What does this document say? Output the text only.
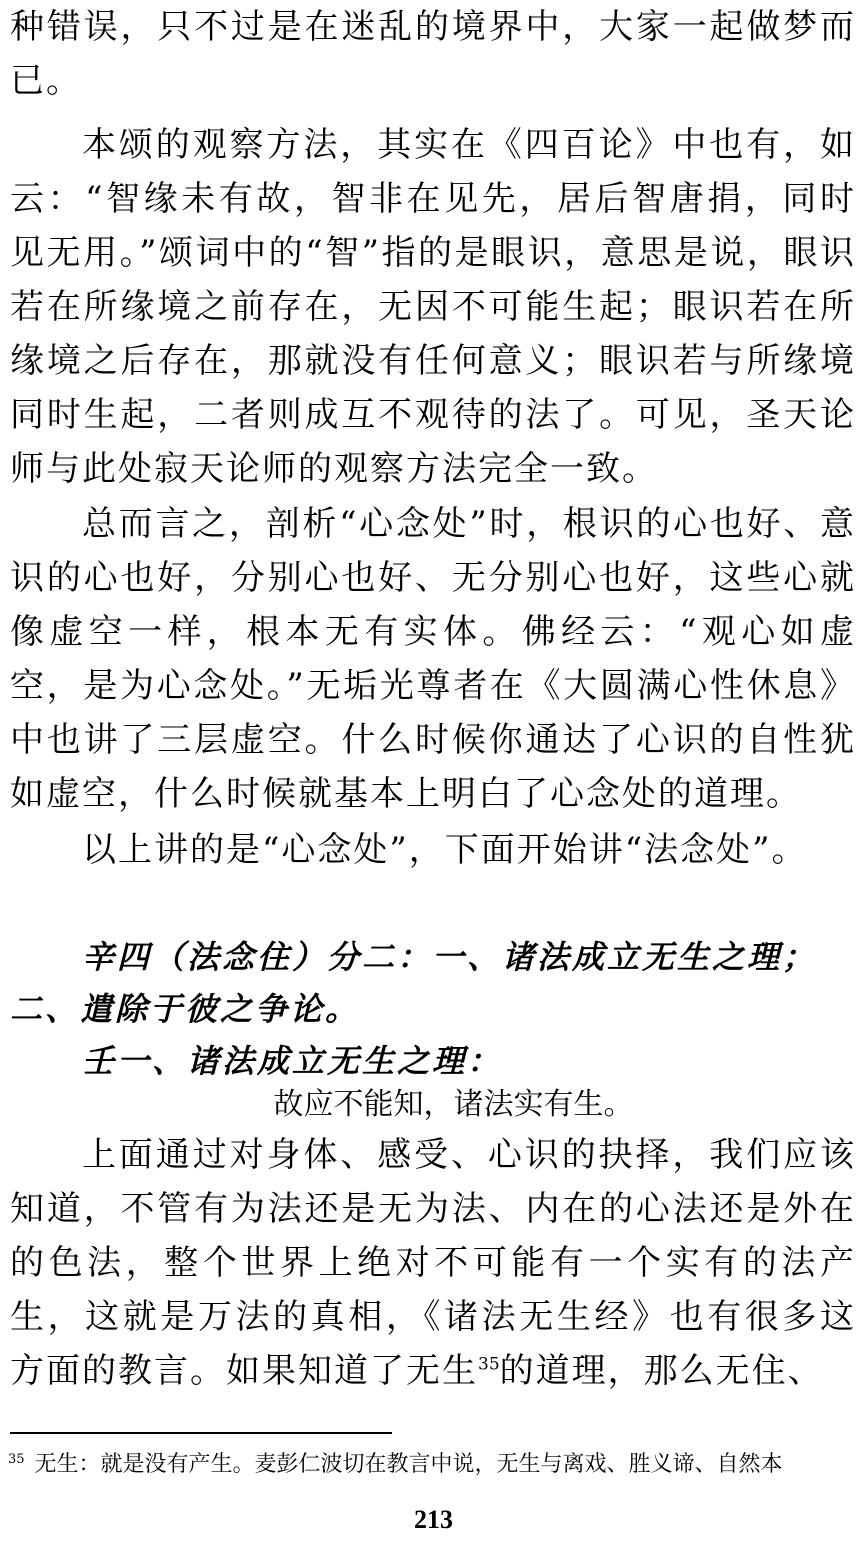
种错误，只不过是在迷乱的境界中，大家一起做梦而已。

本颂的观察方法，其实在《四百论》中也有，如云：“智缘未有故，智非在见先，居后智唐捐，同时见无用。”颂词中的“智”指的是眼识，意思是说，眼识若在所缘境之前存在，无因不可能生起；眼识若在所缘境之后存在，那就没有任何意义；眼识若与所缘境同时生起，二者则成互不观待的法了。可见，圣天论师与此处寂天论师的观察方法完全一致。

总而言之，剖析“心念处”时，根识的心也好、意识的心也好，分别心也好、无分别心也好，这些心就像虚空一样，根本无有实体。佛经云：“观心如虚空，是为心念处。”无垢光尊者在《大圆满心性休息》中也讲了三层虚空。什么时候你通达了心识的自性犹如虚空，什么时候就基本上明白了心念处的道理。

以上讲的是“心念处”，下面开始讲“法念处”。

辛四（法念住）分二：一、诸法成立无生之理；二、遣除于彼之争论。

壬一、诸法成立无生之理：

故应不能知，诸法实有生。

上面通过对身体、感受、心识的抉择，我们应该知道，不管有为法还是无为法、内在的心法还是外在的色法，整个世界上绝对不可能有一个实有的法产生，这就是万法的真相，《诸法无生经》也有很多这方面的教言。如果知道了无生$^{35}$的道理，那么无住、

$^{35}$ 无生：就是没有产生。麦彭仁波切在教言中说，无生与离戏、胜义谛、自然本

213
